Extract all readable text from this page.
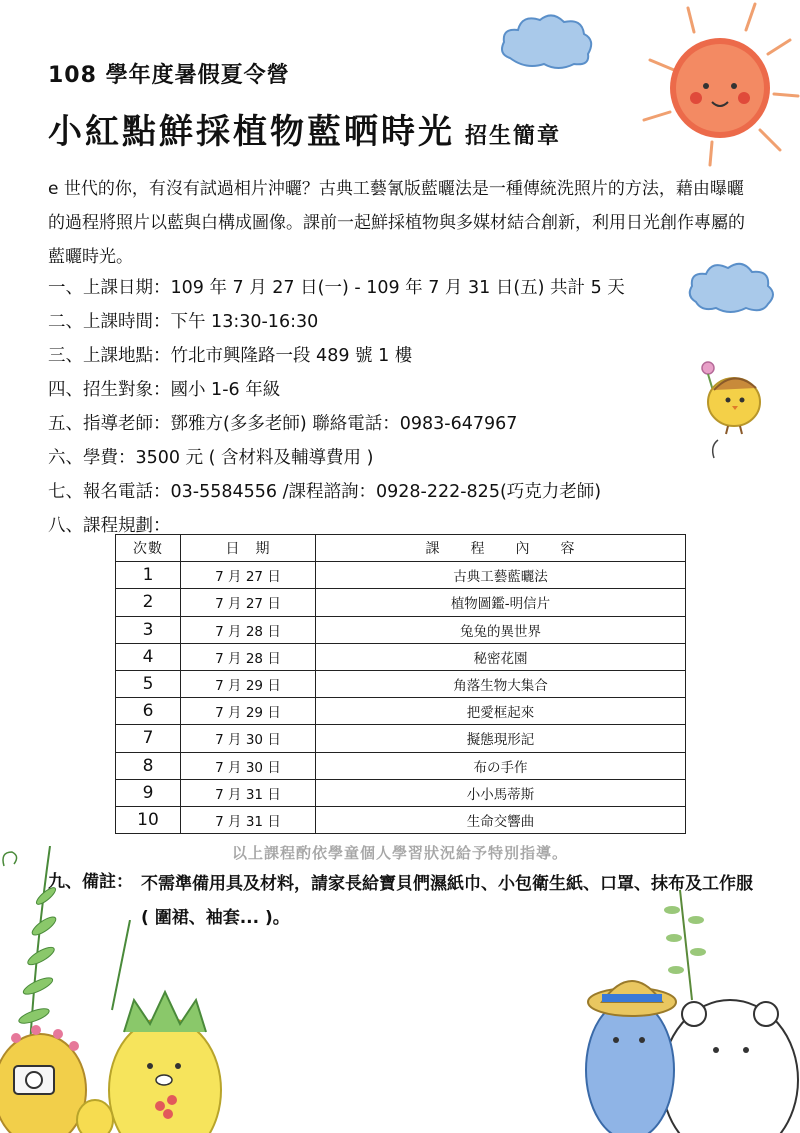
108 學年度暑假夏令營
小紅點鮮採植物藍晒時光 招生簡章
e 世代的你，有沒有試過相片沖曬？古典工藝氰版藍曬法是一種傳統洗照片的方法，藉由曝曬的過程將照片以藍與白構成圖像。課前一起鮮採植物與多媒材結合創新，利用日光創作專屬的藍曬時光。
一、上課日期：109 年 7 月 27 日(一) - 109 年 7 月 31 日(五) 共計 5 天
二、上課時間：下午 13:30-16:30
三、上課地點：竹北市興隆路一段 489 號 1 樓
四、招生對象：國小 1-6 年級
五、指導老師：鄧雅方(多多老師) 聯絡電話：0983-647967
六、學費：3500 元 ( 含材料及輔導費用 )
七、報名電話：03-5584556 /課程諮詢：0928-222-825(巧克力老師)
八、課程規劃：
次數	日　期	課　　程　　內　　容
1	7 月 27 日	古典工藝藍曬法
2	7 月 27 日	植物圖鑑-明信片
3	7 月 28 日	兔兔的異世界
4	7 月 28 日	秘密花園
5	7 月 29 日	角落生物大集合
6	7 月 29 日	把愛框起來
7	7 月 30 日	擬態現形記
8	7 月 30 日	布の手作
9	7 月 31 日	小小馬蒂斯
10	7 月 31 日	生命交響曲
以上課程酌依學童個人學習狀況給予特別指導。
九、備註： 不需準備用具及材料，請家長給寶貝們濕紙巾、小包衛生紙、口罩、抹布及工作服 ( 圍裙、袖套... )。
